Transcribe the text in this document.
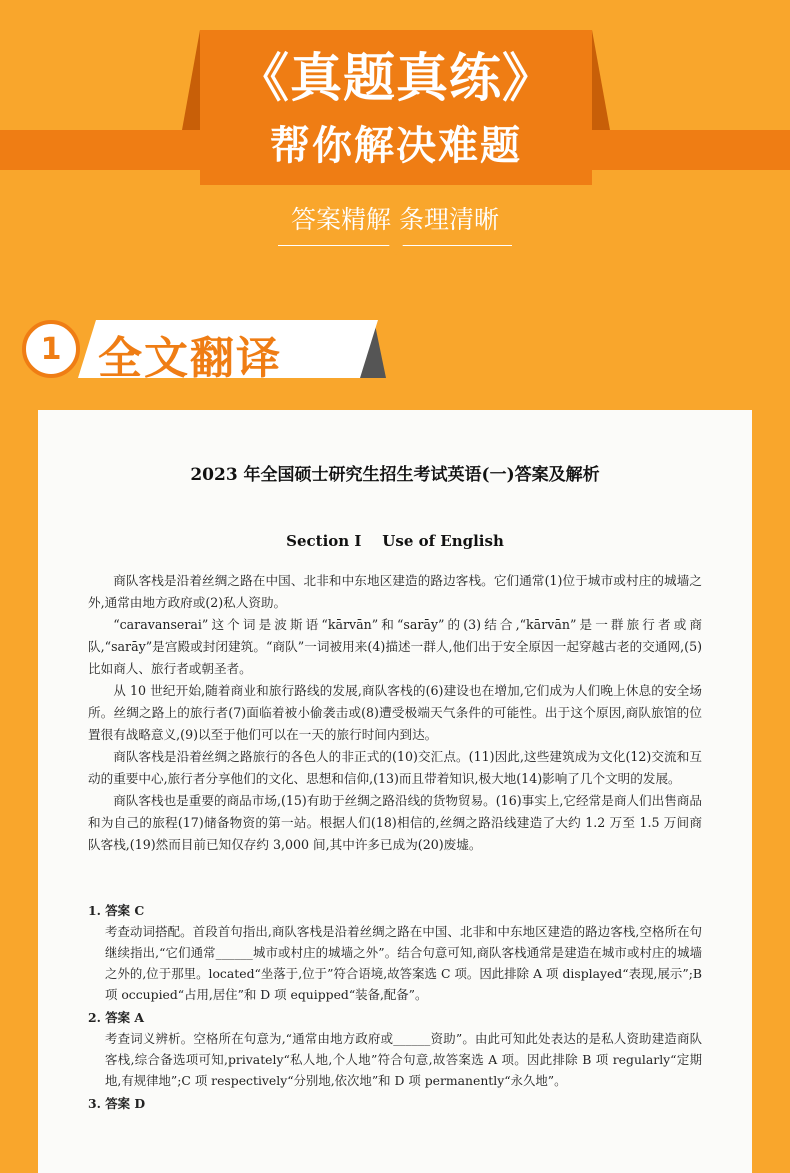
《真题真练》
帮你解决难题
答案精解 条理清晰
1 全文翻译
2023 年全国硕士研究生招生考试英语(一)答案及解析
Section I    Use of English

商队客栈是沿着丝绸之路在中国、北非和中东地区建造的路边客栈。它们通常(1)位于城市或村庄的城墙之外,通常由地方政府或(2)私人资助。

“caravanserai”这个词是波斯语“kārvān”和“sarāy”的(3)结合,“kārvān”是一群旅行者或商队,“sarāy”是宫殿或封闭建筑。“商队”一词被用来(4)描述一群人,他们出于安全原因一起穿越古老的交通网,(5)比如商人、旅行者或朝圣者。

从 10 世纪开始,随着商业和旅行路线的发展,商队客栈的(6)建设也在增加,它们成为人们晚上休息的安全场所。丝绸之路上的旅行者(7)面临着被小偷袭击或(8)遭受极端天气条件的可能性。出于这个原因,商队旅馆的位置很有战略意义,(9)以至于他们可以在一天的旅行时间内到达。

商队客栈是沿着丝绸之路旅行的各色人的非正式的(10)交汇点。(11)因此,这些建筑成为文化(12)交流和互动的重要中心,旅行者分享他们的文化、思想和信仰,(13)而且带着知识,极大地(14)影响了几个文明的发展。

商队客栈也是重要的商品市场,(15)有助于丝绸之路沿线的货物贸易。(16)事实上,它经常是商人们出售商品和为自己的旅程(17)储备物资的第一站。根据人们(18)相信的,丝绸之路沿线建造了大约 1.2 万至 1.5 万间商队客栈,(19)然而目前已知仅存约 3,000 间,其中许多已成为(20)废墟。

1. 答案 C

考查动词搭配。首段首句指出,商队客栈是沿着丝绸之路在中国、北非和中东地区建造的路边客栈,空格所在句继续指出,“它们通常______城市或村庄的城墙之外”。结合句意可知,商队客栈通常是建造在城市或村庄的城墙之外的,位于那里。located“坐落于,位于”符合语境,故答案选 C 项。因此排除 A 项 displayed“表现,展示”;B 项 occupied“占用,居住”和 D 项 equipped“装备,配备”。

2. 答案 A

考查词义辨析。空格所在句意为,“通常由地方政府或______资助”。由此可知此处表达的是私人资助建造商队客栈,综合备选项可知,privately“私人地,个人地”符合句意,故答案选 A 项。因此排除 B 项 regularly“定期地,有规律地”;C 项 respectively“分别地,依次地”和 D 项 permanently“永久地”。

3. 答案 D
